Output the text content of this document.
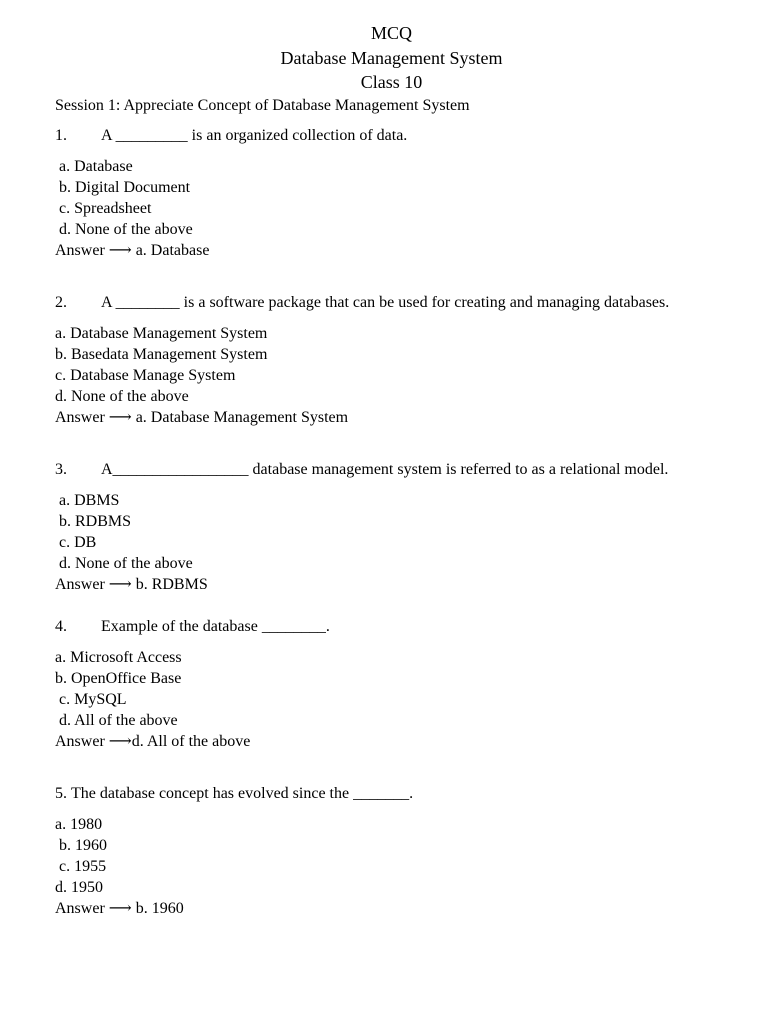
MCQ
Database Management System
Class 10
Session 1: Appreciate Concept of Database Management System
1. A _________ is an organized collection of data.
a. Database
b. Digital Document
c. Spreadsheet
d. None of the above
Answer ⟶ a. Database
2. A ________ is a software package that can be used for creating and managing databases.
a. Database Management System
b. Basedata Management System
c. Database Manage System
d. None of the above
Answer ⟶ a. Database Management System
3. A_________________ database management system is referred to as a relational model.
a. DBMS
b. RDBMS
c. DB
d. None of the above
Answer ⟶ b. RDBMS
4. Example of the database ________.
a. Microsoft Access
b. OpenOffice Base
c. MySQL
d. All of the above
Answer ⟶d. All of the above
5. The database concept has evolved since the _______.
a. 1980
b. 1960
c. 1955
d. 1950
Answer ⟶ b. 1960
